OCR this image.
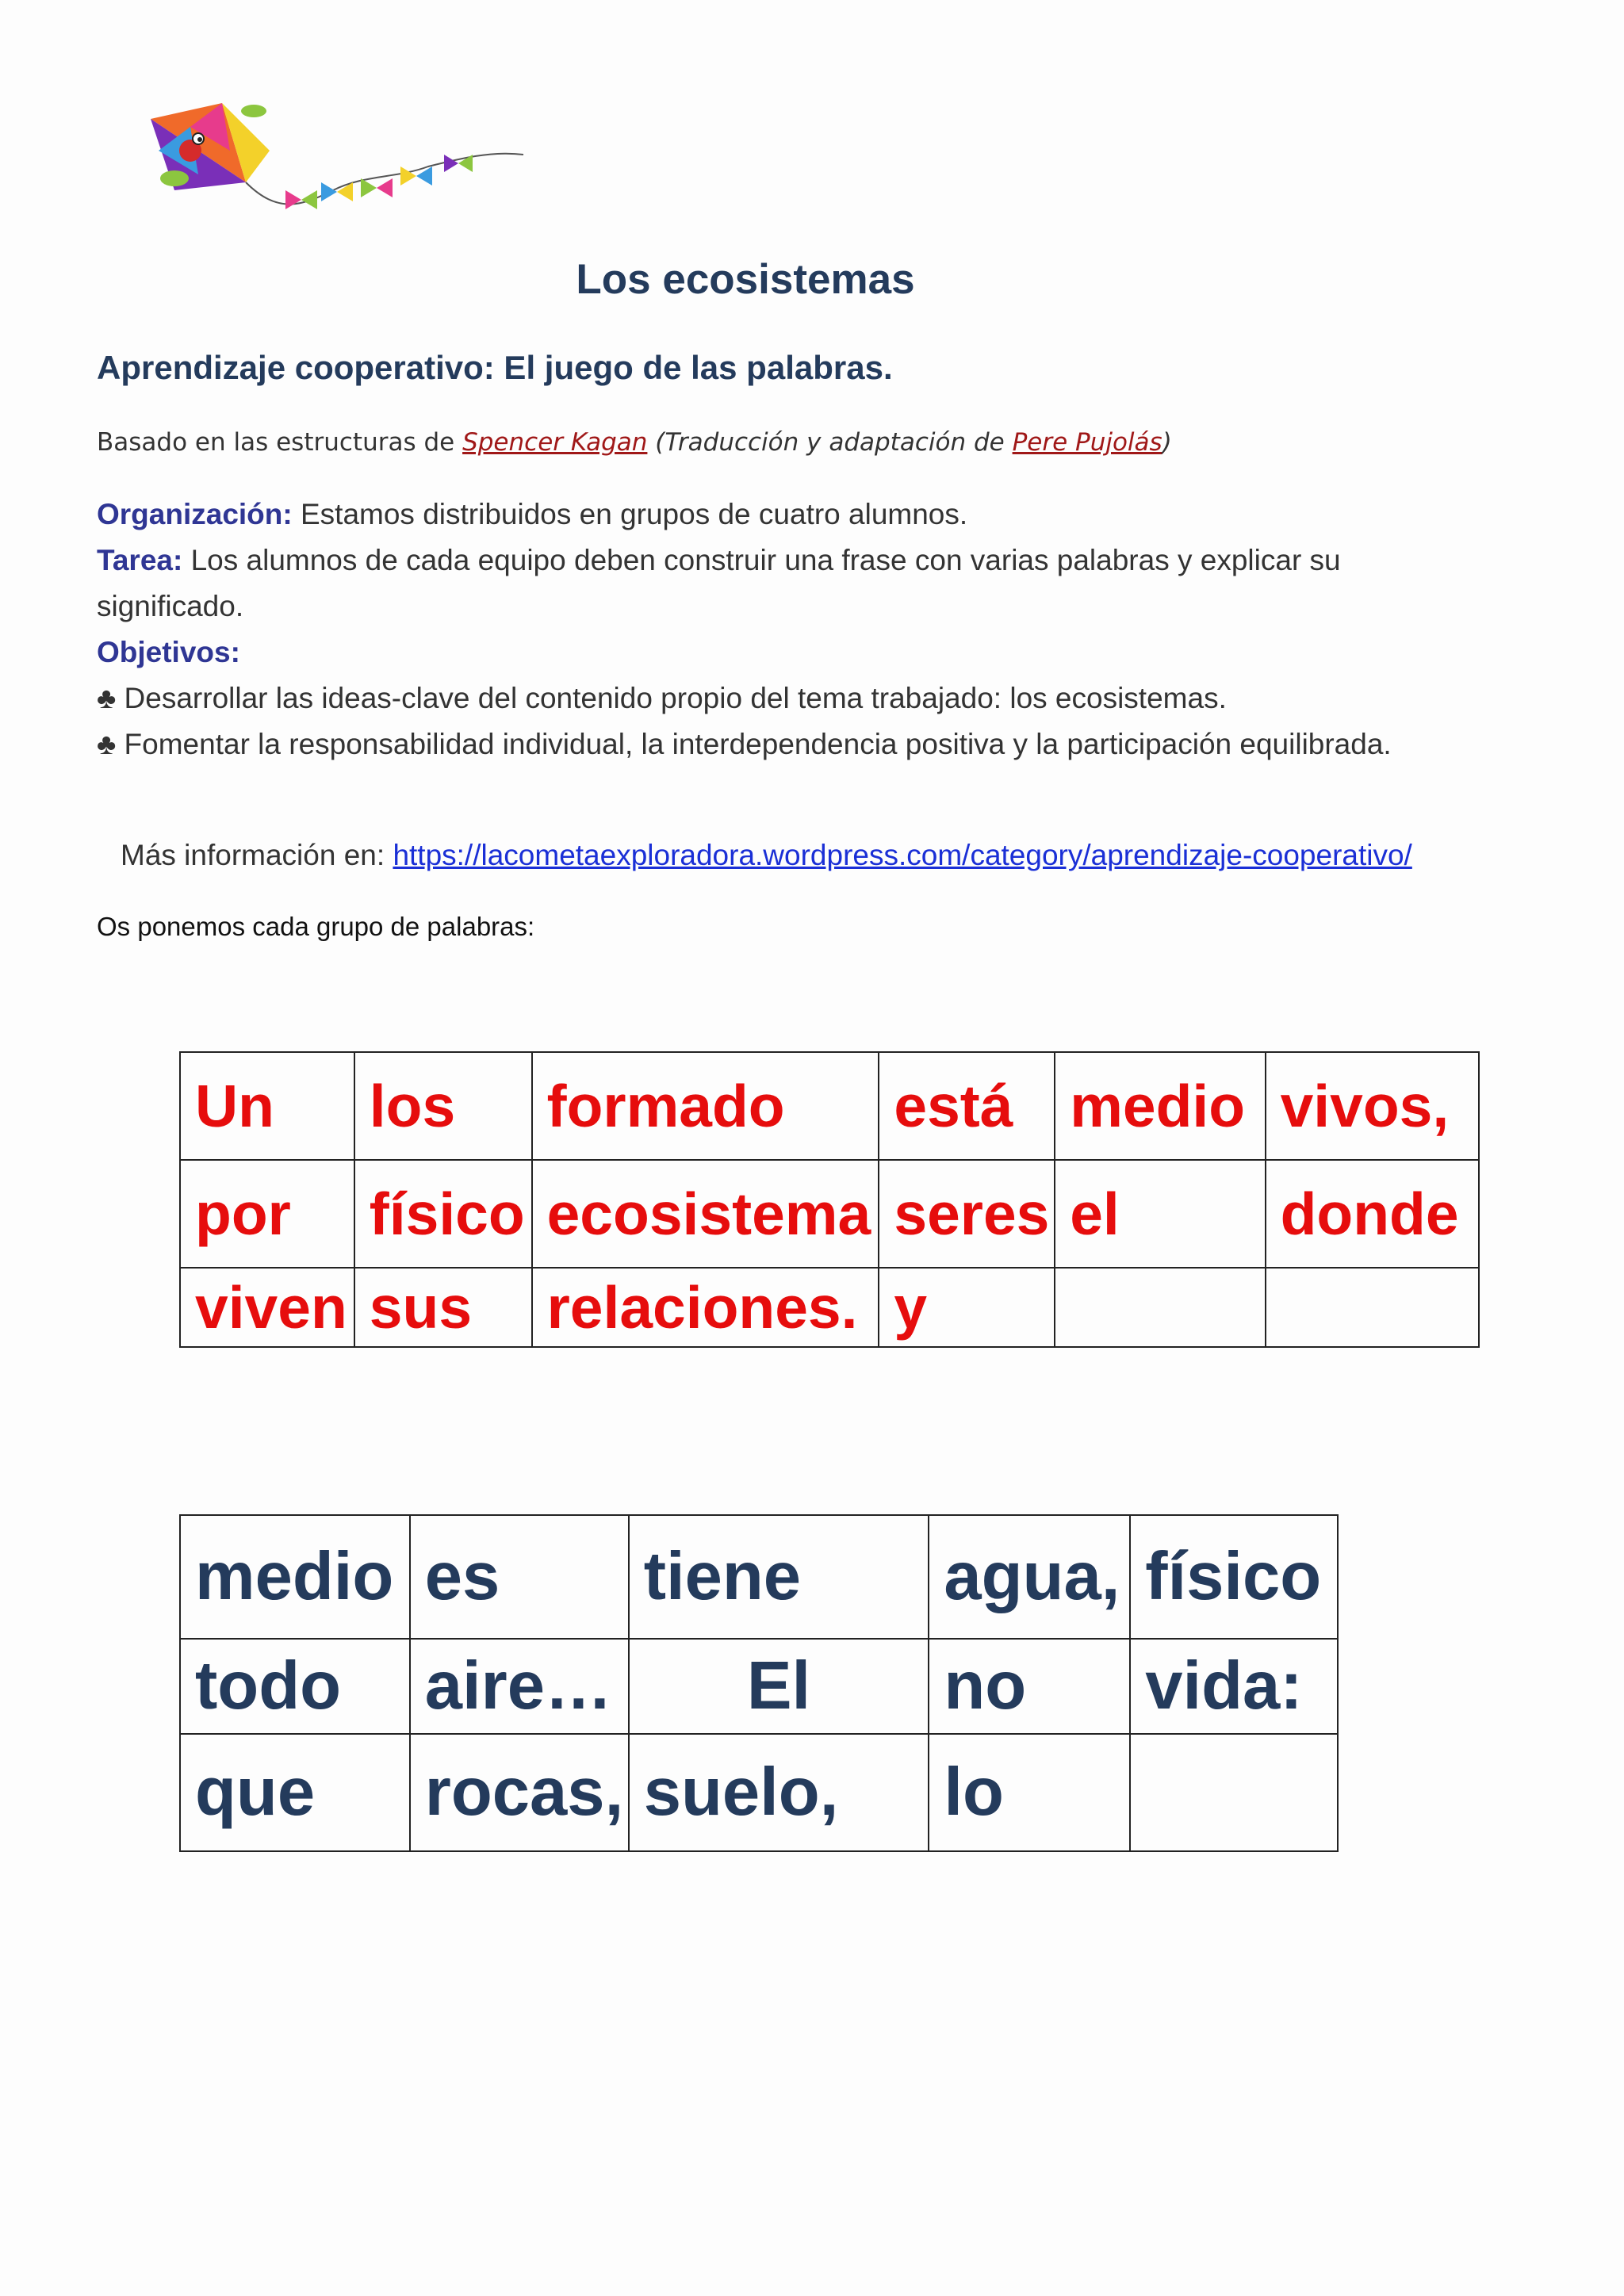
Los ecosistemas
Aprendizaje cooperativo: El juego de las palabras.
Basado en las estructuras de Spencer Kagan (Traducción y adaptación de Pere Pujolás)

Organización: Estamos distribuidos en grupos de cuatro alumnos.

Tarea: Los alumnos de cada equipo deben construir una frase con varias palabras y explicar su significado.

Objetivos:

♣ Desarrollar las ideas-clave del contenido propio del tema trabajado: los ecosistemas.

♣ Fomentar la responsabilidad individual, la interdependencia positiva y la participación equilibrada.

Más información en: https://lacometaexploradora.wordpress.com/category/aprendizaje-cooperativo/
Os ponemos cada grupo de palabras:
Un	los	formado	está	medio	vivos,
por	físico	ecosistema	seres	el	donde
viven	sus	relaciones.	y		
medio	es	tiene	agua,	físico
todo	aire…	El	no	vida:
que	rocas,	suelo,	lo	
